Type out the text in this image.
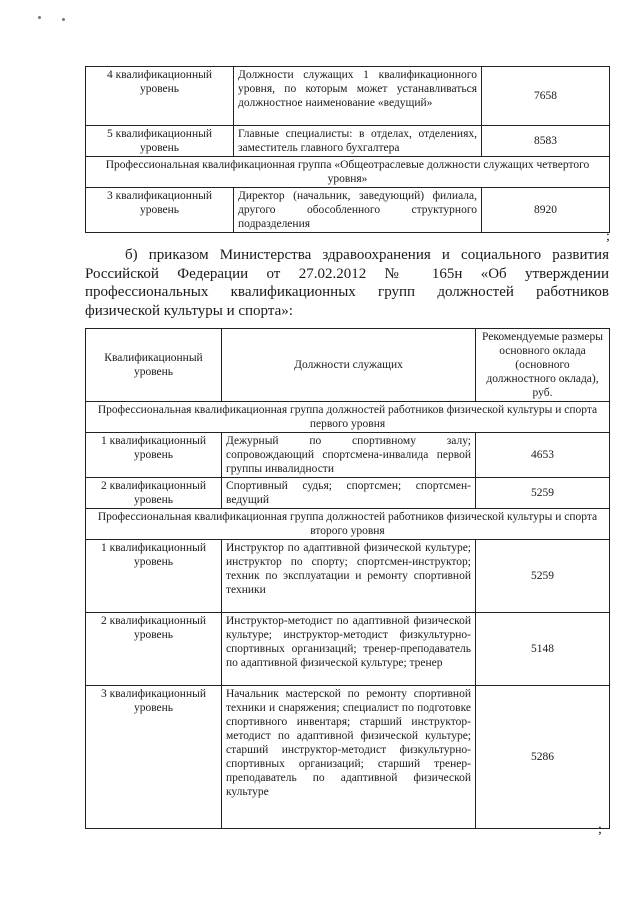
4 квалификационный уровень	Должности служащих 1 квалификационного уровня, по которым может устанавливаться должностное наименование «ведущий»	7658
5 квалификационный уровень	Главные специалисты: в отделах, отделениях, заместитель главного бухгалтера	8583
Профессиональная квалификационная группа «Общеотраслевые должности служащих четвертого уровня»		
3 квалификационный уровень	Директор (начальник, заведующий) филиала, другого обособленного структурного подразделения	8920
;
б) приказом Министерства здравоохранения и социального развития Российской Федерации от 27.02.2012 № 165н «Об утверждении профессиональных квалификационных групп должностей работников физической культуры и спорта»:
Квалификационный уровень	Должности служащих	Рекомендуемые размеры основного оклада (основного должностного оклада), руб.
Профессиональная квалификационная группа должностей работников физической культуры и спорта первого уровня		
1 квалификационный уровень	Дежурный по спортивному залу; сопровождающий спортсмена-инвалида первой группы инвалидности	4653
2 квалификационный уровень	Спортивный судья; спортсмен; спортсмен-ведущий	5259
Профессиональная квалификационная группа должностей работников физической культуры и спорта второго уровня		
1 квалификационный уровень	Инструктор по адаптивной физической культуре; инструктор по спорту; спортсмен-инструктор; техник по эксплуатации и ремонту спортивной техники	5259
2 квалификационный уровень	Инструктор-методист по адаптивной физической культуре; инструктор-методист физкультурно-спортивных организаций; тренер-преподаватель по адаптивной физической культуре; тренер	5148
3 квалификационный уровень	Начальник мастерской по ремонту спортивной техники и снаряжения; специалист по подготовке спортивного инвентаря; старший инструктор-методист по адаптивной физической культуре; старший инструктор-методист физкультурно-спортивных организаций; старший тренер-преподаватель по адаптивной физической культуре	5286
;
